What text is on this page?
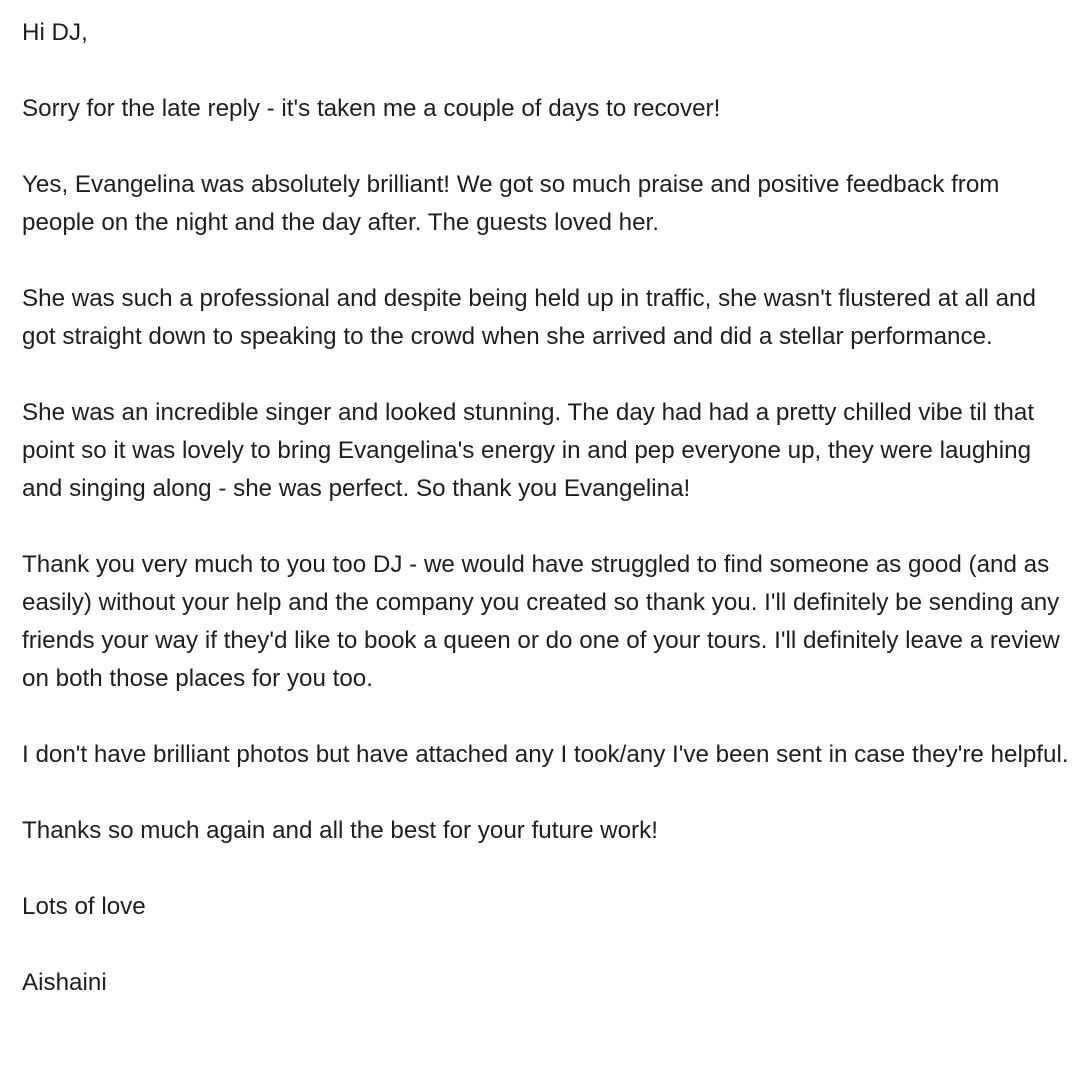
Hi DJ,

Sorry for the late reply - it's taken me a couple of days to recover!

Yes, Evangelina was absolutely brilliant! We got so much praise and positive feedback from people on the night and the day after. The guests loved her.

She was such a professional and despite being held up in traffic, she wasn't flustered at all and got straight down to speaking to the crowd when she arrived and did a stellar performance.

She was an incredible singer and looked stunning. The day had had a pretty chilled vibe til that point so it was lovely to bring Evangelina's energy in and pep everyone up, they were laughing and singing along - she was perfect. So thank you Evangelina!

Thank you very much to you too DJ - we would have struggled to find someone as good (and as easily) without your help and the company you created so thank you. I'll definitely be sending any friends your way if they'd like to book a queen or do one of your tours. I'll definitely leave a review on both those places for you too.

I don't have brilliant photos but have attached any I took/any I've been sent in case they're helpful.

Thanks so much again and all the best for your future work!

Lots of love

Aishaini
